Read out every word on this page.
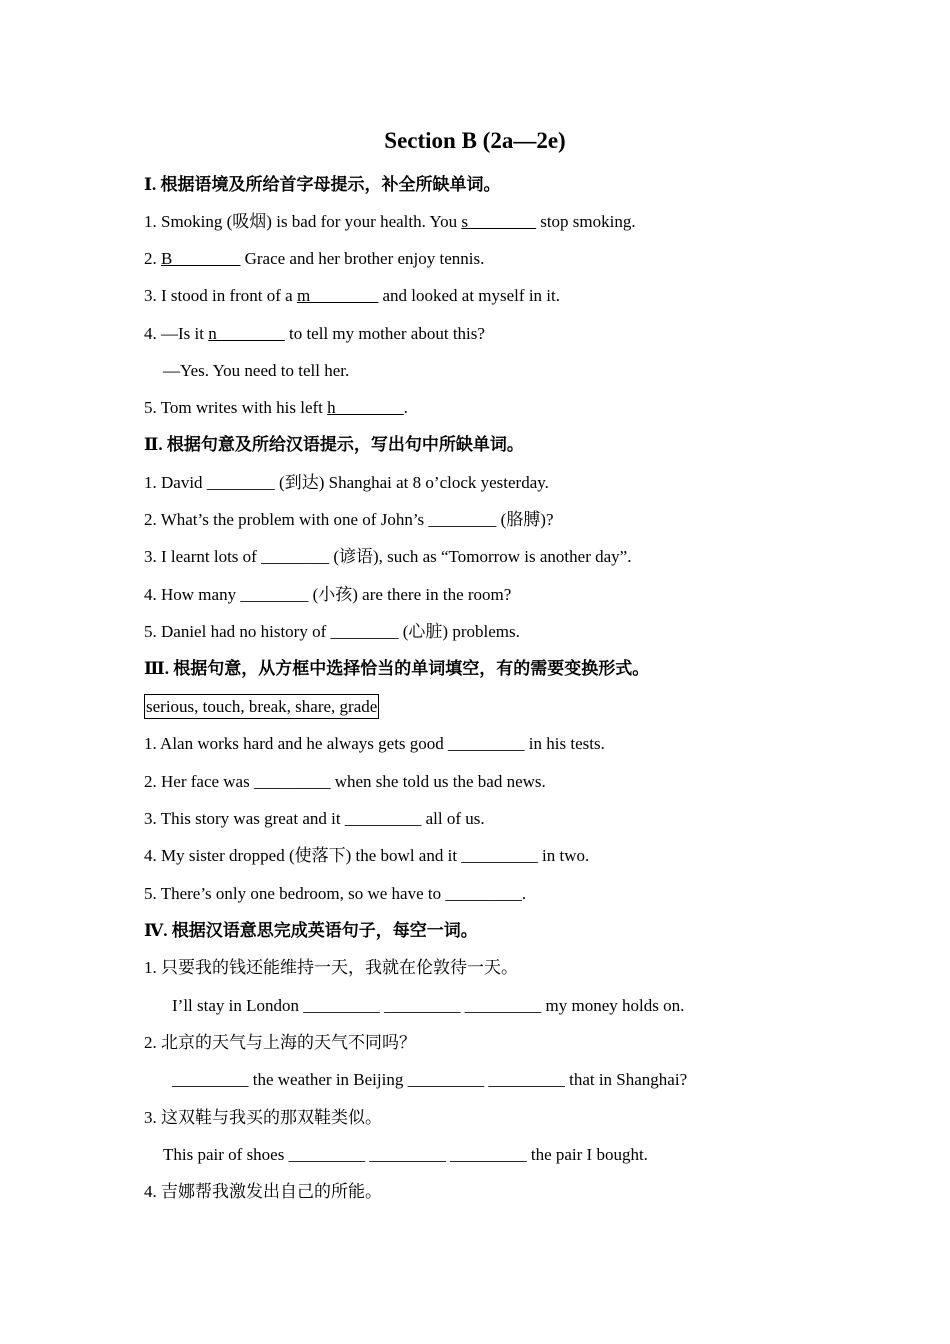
Section B (2a—2e)
Ⅰ. 根据语境及所给首字母提示，补全所缺单词。
1. Smoking (吸烟) is bad for your health. You s________ stop smoking.
2. B________ Grace and her brother enjoy tennis.
3. I stood in front of a m________ and looked at myself in it.
4. —Is it n________ to tell my mother about this?
—Yes. You need to tell her.
5. Tom writes with his left h________.
Ⅱ. 根据句意及所给汉语提示，写出句中所缺单词。
1. David ________ (到达) Shanghai at 8 o’clock yesterday.
2. What’s the problem with one of John’s ________ (胳膊)?
3. I learnt lots of ________ (谚语), such as “Tomorrow is another day”.
4. How many ________ (小孩) are there in the room?
5. Daniel had no history of ________ (心脏) problems.
Ⅲ. 根据句意，从方框中选择恰当的单词填空，有的需要变换形式。
serious, touch, break, share, grade
1. Alan works hard and he always gets good _________ in his tests.
2. Her face was _________ when she told us the bad news.
3. This story was great and it _________ all of us.
4. My sister dropped (使落下) the bowl and it _________ in two.
5. There’s only one bedroom, so we have to _________.
Ⅳ. 根据汉语意思完成英语句子，每空一词。
1. 只要我的钱还能维持一天，我就在伦敦待一天。
I’ll stay in London _________ _________ _________ my money holds on.
2. 北京的天气与上海的天气不同吗？
_________ the weather in Beijing _________ _________ that in Shanghai?
3. 这双鞋与我买的那双鞋类似。
This pair of shoes _________ _________ _________ the pair I bought.
4. 吉娜帮我激发出自己的所能。
